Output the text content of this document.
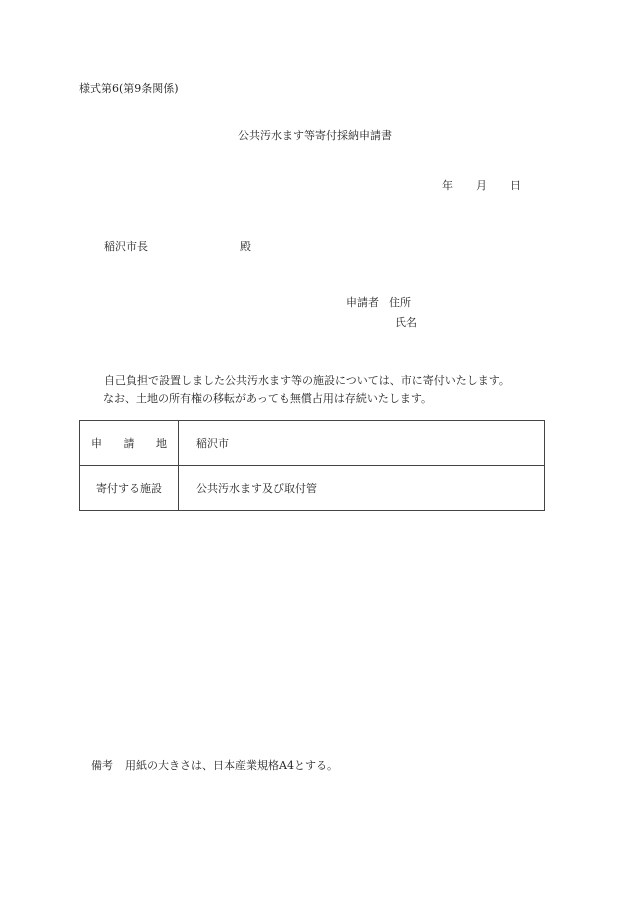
様式第6(第9条関係)
公共汚水ます等寄付採納申請書
年 月 日
稲沢市長	殿
申請者 住所
氏名

自己負担で設置しました公共汚水ます等の施設については、市に寄付いたします。

なお、土地の所有権の移転があっても無償占用は存続いたします。

申 請 地	稲沢市
寄付する施設	公共汚水ます及び取付管
備考 用紙の大きさは、日本産業規格A4とする。
